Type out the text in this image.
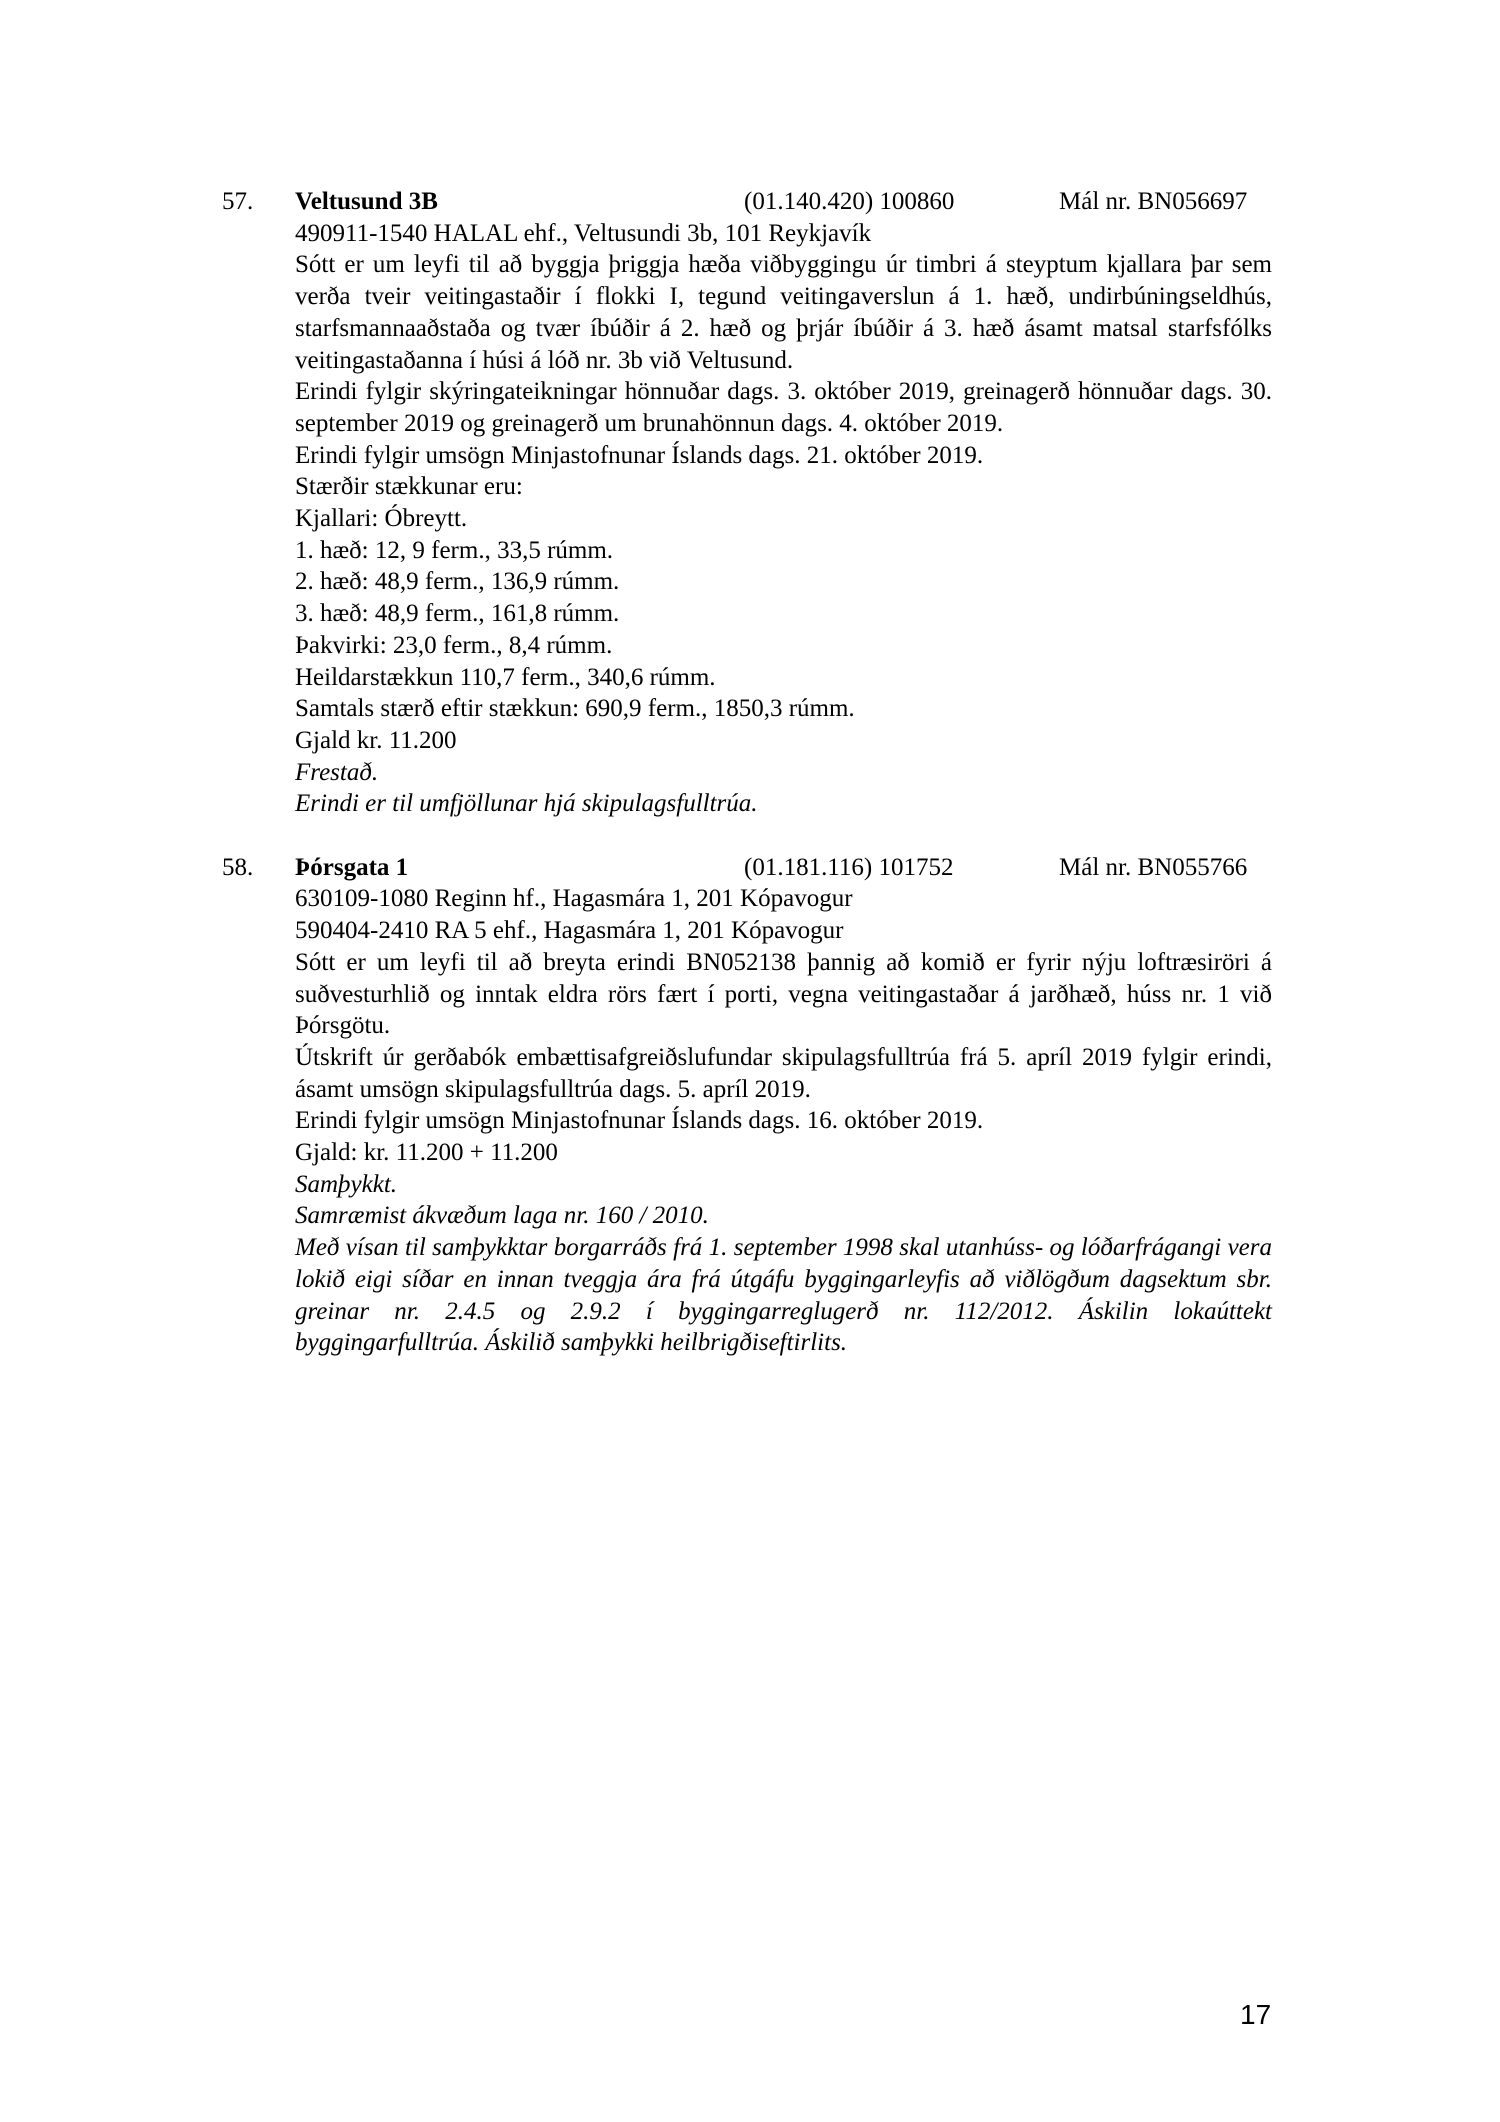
57. Veltusund 3B	(01.140.420) 100860	Mál nr. BN056697

490911-1540 HALAL ehf., Veltusundi 3b, 101 Reykjavík

Sótt er um leyfi til að byggja þriggja hæða viðbyggingu úr timbri á steyptum kjallara þar sem verða tveir veitingastaðir í flokki I, tegund veitingaverslun á 1. hæð, undirbúningseldhús, starfsmannaaðstaða og tvær íbúðir á 2. hæð og þrjár íbúðir á 3. hæð ásamt matsal starfsfólks veitingastaðanna í húsi á lóð nr. 3b við Veltusund.

Erindi fylgir skýringateikningar hönnuðar dags. 3. október 2019, greinagerð hönnuðar dags. 30. september 2019 og greinagerð um brunahönnun dags. 4. október 2019.

Erindi fylgir umsögn Minjastofnunar Íslands dags. 21. október 2019.

Stærðir stækkunar eru:

Kjallari: Óbreytt.

1. hæð: 12, 9 ferm., 33,5 rúmm.

2. hæð: 48,9 ferm., 136,9 rúmm.

3. hæð: 48,9 ferm., 161,8 rúmm.

Þakvirki: 23,0 ferm., 8,4 rúmm.

Heildarstækkun 110,7 ferm., 340,6 rúmm.

Samtals stærð eftir stækkun: 690,9 ferm., 1850,3 rúmm.

Gjald kr. 11.200

Frestað.

Erindi er til umfjöllunar hjá skipulagsfulltrúa.

58. Þórsgata 1	(01.181.116) 101752	Mál nr. BN055766

630109-1080 Reginn hf., Hagasmára 1, 201 Kópavogur

590404-2410 RA 5 ehf., Hagasmára 1, 201 Kópavogur

Sótt er um leyfi til að breyta erindi BN052138 þannig að komið er fyrir nýju loftræsiröri á suðvesturhlið og inntak eldra rörs fært í porti, vegna veitingastaðar á jarðhæð, húss nr. 1 við Þórsgötu.

Útskrift úr gerðabók embættisafgreiðslufundar skipulagsfulltrúa frá 5. apríl 2019 fylgir erindi, ásamt umsögn skipulagsfulltrúa dags. 5. apríl 2019.

Erindi fylgir umsögn Minjastofnunar Íslands dags. 16. október 2019.

Gjald: kr. 11.200 + 11.200

Samþykkt.

Samræmist ákvæðum laga nr. 160 / 2010.

Með vísan til samþykktar borgarráðs frá 1. september 1998 skal utanhúss- og lóðarfrágangi vera lokið eigi síðar en innan tveggja ára frá útgáfu byggingarleyfis að viðlögðum dagsektum sbr. greinar nr. 2.4.5 og 2.9.2 í byggingarreglugerð nr. 112/2012. Áskilin lokaúttekt byggingarfulltrúa. Áskilið samþykki heilbrigðiseftirlits.

17
